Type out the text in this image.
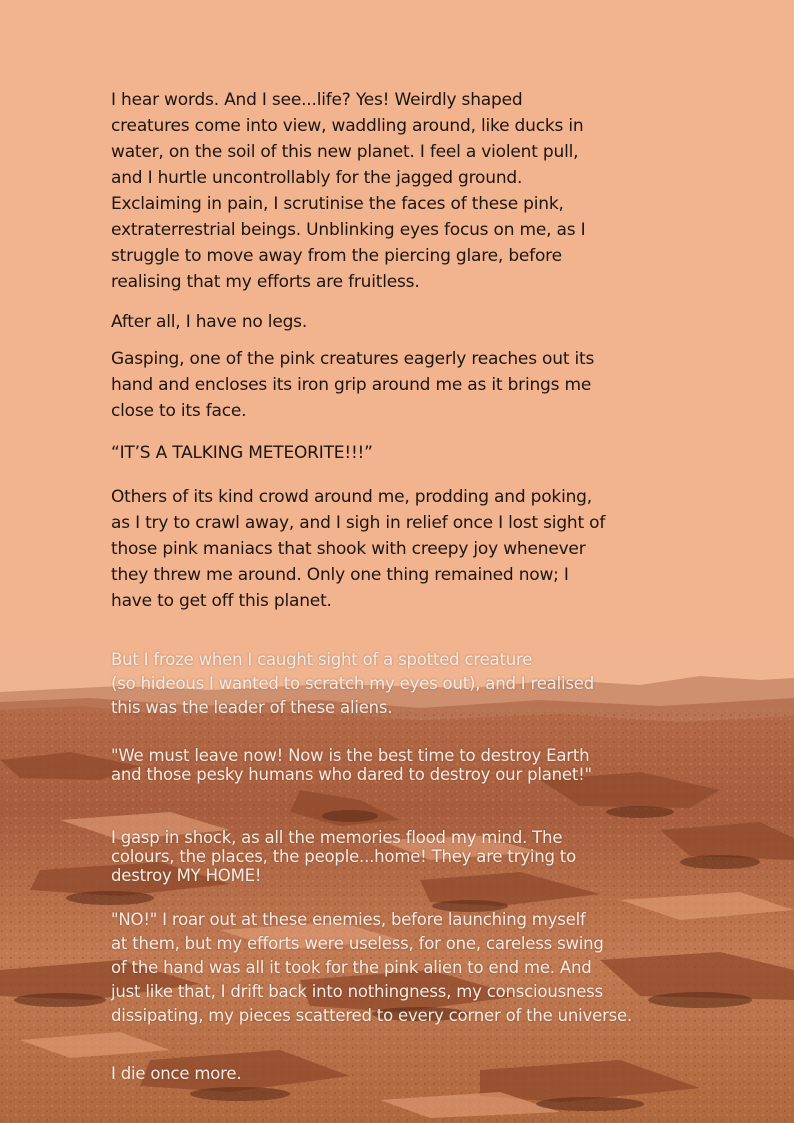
I hear words. And I see...life? Yes! Weirdly shaped
creatures come into view, waddling around, like ducks in
water, on the soil of this new planet. I feel a violent pull,
and I hurtle uncontrollably for the jagged ground.
Exclaiming in pain, I scrutinise the faces of these pink,
extraterrestrial beings. Unblinking eyes focus on me, as I
struggle to move away from the piercing glare, before
realising that my efforts are fruitless.

After all, I have no legs.

Gasping, one of the pink creatures eagerly reaches out its
hand and encloses its iron grip around me as it brings me
close to its face.

“IT’S A TALKING METEORITE!!!”

Others of its kind crowd around me, prodding and poking,
as I try to crawl away, and I sigh in relief once I lost sight of
those pink maniacs that shook with creepy joy whenever
they threw me around. Only one thing remained now; I
have to get off this planet.

But I froze when I caught sight of a spotted creature
(so hideous I wanted to scratch my eyes out), and I realised
this was the leader of these aliens.

"We must leave now! Now is the best time to destroy Earth
and those pesky humans who dared to destroy our planet!"

I gasp in shock, as all the memories flood my mind. The
colours, the places, the people...home! They are trying to
destroy MY HOME!

"NO!" I roar out at these enemies, before launching myself
at them, but my efforts were useless, for one, careless swing
of the hand was all it took for the pink alien to end me. And
just like that, I drift back into nothingness, my consciousness
dissipating, my pieces scattered to every corner of the universe.

I die once more.
